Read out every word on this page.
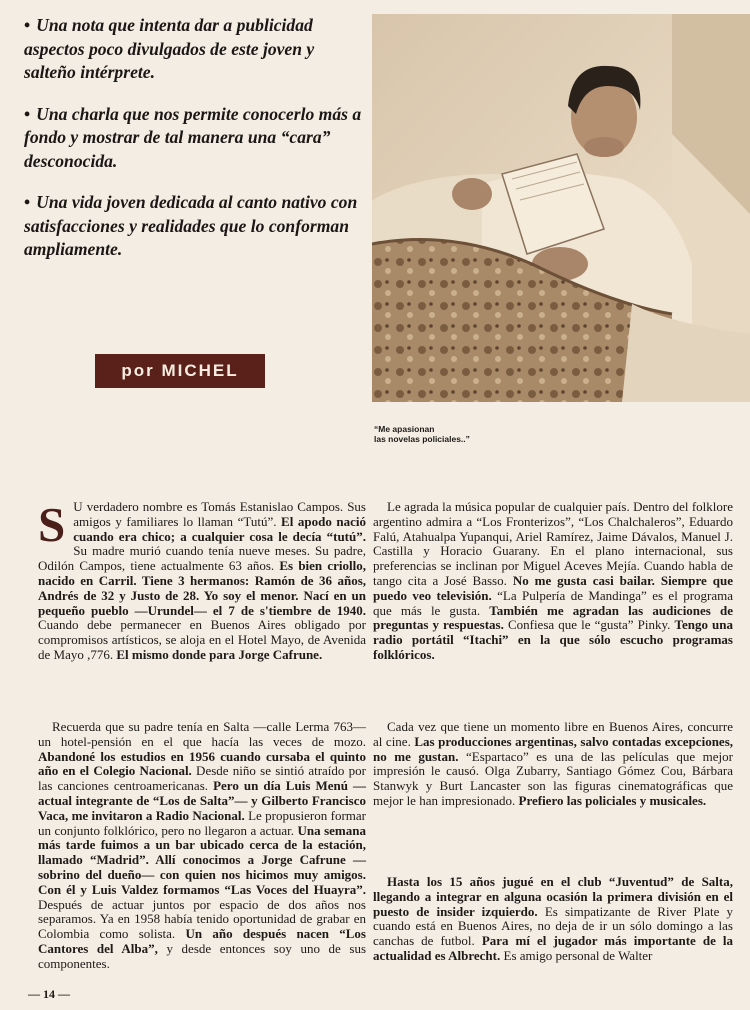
• Una nota que intenta dar a publicidad aspectos poco divulgados de este joven y salteño intérprete.

• Una charla que nos permite conocerlo más a fondo y mostrar de tal manera una “cara” desconocida.

• Una vida joven dedicada al canto nativo con satisfacciones y realidades que lo conforman ampliamente.

por MICHEL
“Me apasionan
las novelas policiales..”

S U verdadero nombre es Tomás Estanislao Campos. Sus amigos y familiares lo llaman “Tutú”. El apodo nació cuando era chico; a cualquier cosa le decía “tutú”. Su madre murió cuando tenía nueve meses. Su padre, Odilón Campos, tiene actualmente 63 años. Es bien criollo, nacido en Carril. Tiene 3 hermanos: Ramón de 36 años, Andrés de 32 y Justo de 28. Yo soy el menor. Nací en un pequeño pueblo —Urundel— el 7 de s'tiembre de 1940. Cuando debe permanecer en Buenos Aires obligado por compromisos artísticos, se aloja en el Hotel Mayo, de Avenida de Mayo ,776. El mismo donde para Jorge Cafrune.

Recuerda que su padre tenía en Salta —calle Lerma 763— un hotel-pensión en el que hacía las veces de mozo. Abandoné los estudios en 1956 cuando cursaba el quinto año en el Colegio Nacional. Desde niño se sintió atraído por las canciones centroamericanas. Pero un día Luis Menú —actual integrante de “Los de Salta”— y Gilberto Francisco Vaca, me invitaron a Radio Nacional. Le propusieron formar un conjunto folklórico, pero no llegaron a actuar. Una semana más tarde fuimos a un bar ubicado cerca de la estación, llamado “Madrid”. Allí conocimos a Jorge Cafrune —sobrino del dueño— con quien nos hicimos muy amigos. Con él y Luis Valdez formamos “Las Voces del Huayra”. Después de actuar juntos por espacio de dos años nos separamos. Ya en 1958 había tenido oportunidad de grabar en Colombia como solista. Un año después nacen “Los Cantores del Alba”, y desde entonces soy uno de sus componentes.

Le agrada la música popular de cualquier país. Dentro del folklore argentino admira a “Los Fronterizos”, “Los Chalchaleros”, Eduardo Falú, Atahualpa Yupanqui, Ariel Ramírez, Jaime Dávalos, Manuel J. Castilla y Horacio Guarany. En el plano internacional, sus preferencias se inclinan por Miguel Aceves Mejía. Cuando habla de tango cita a José Basso. No me gusta casi bailar. Siempre que puedo veo televisión. “La Pulpería de Mandinga” es el programa que más le gusta. También me agradan las audiciones de preguntas y respuestas. Confiesa que le “gusta” Pinky. Tengo una radio portátil “Itachi” en la que sólo escucho programas folklóricos.

Cada vez que tiene un momento libre en Buenos Aires, concurre al cine. Las producciones argentinas, salvo contadas excepciones, no me gustan. “Espartaco” es una de las películas que mejor impresión le causó. Olga Zubarry, Santiago Gómez Cou, Bárbara Stanwyk y Burt Lancaster son las figuras cinematográficas que mejor le han impresionado. Prefiero las policiales y musicales.

Hasta los 15 años jugué en el club “Juventud” de Salta, llegando a integrar en alguna ocasión la primera división en el puesto de insider izquierdo. Es simpatizante de River Plate y cuando está en Buenos Aires, no deja de ir un sólo domingo a las canchas de futbol. Para mí el jugador más importante de la actualidad es Albrecht. Es amigo personal de Walter

— 14 —
